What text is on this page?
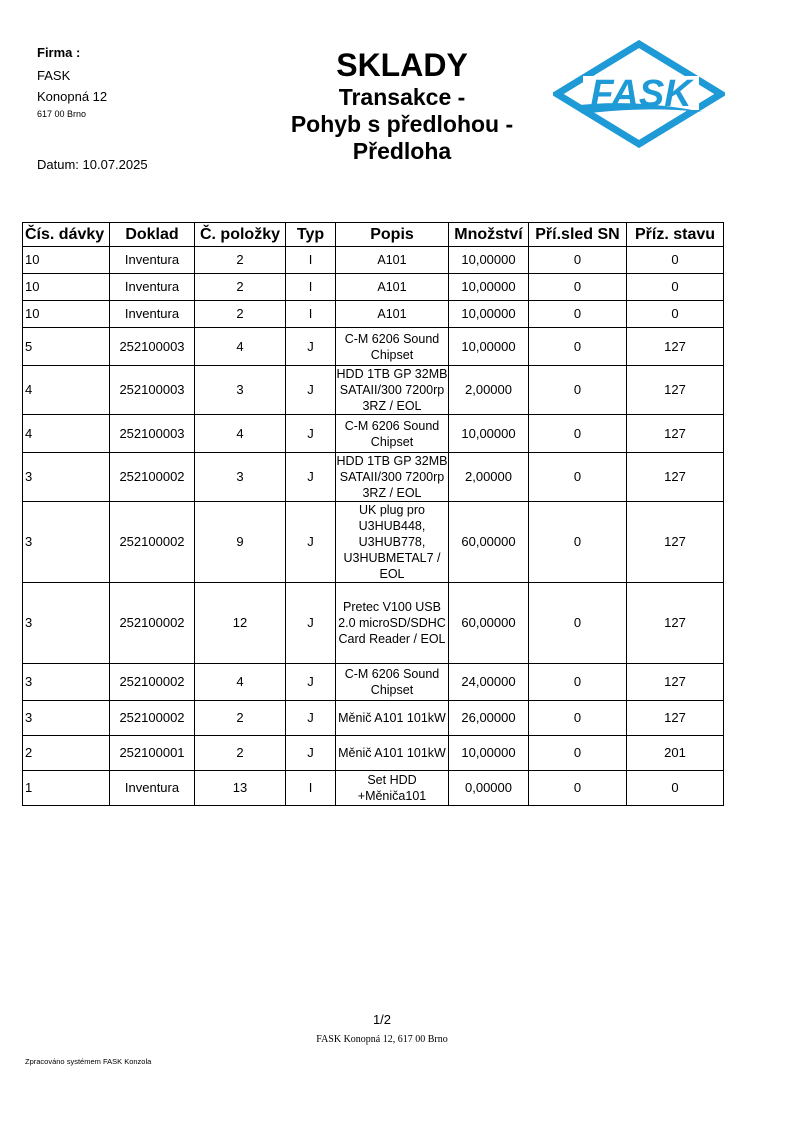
Firma :
FASK
Konopná 12
617 00 Brno
Datum: 10.07.2025
SKLADY
Transakce -
Pohyb s předlohou -
Předloha
FASK
Čís. dávky	Doklad	Č. položky	Typ	Popis	Množství	Pří.sled SN	Příz. stavu
10	Inventura	2	I	A101	10,00000	0	0
10	Inventura	2	I	A101	10,00000	0	0
10	Inventura	2	I	A101	10,00000	0	0
5	252100003	4	J	C-M 6206 Sound Chipset	10,00000	0	127
4	252100003	3	J	HDD 1TB GP 32MB SATAII/300 7200rp 3RZ / EOL	2,00000	0	127
4	252100003	4	J	C-M 6206 Sound Chipset	10,00000	0	127
3	252100002	3	J	HDD 1TB GP 32MB SATAII/300 7200rp 3RZ / EOL	2,00000	0	127
3	252100002	9	J	UK plug pro U3HUB448, U3HUB778, U3HUBMETAL7 / EOL	60,00000	0	127
3	252100002	12	J	Pretec V100 USB 2.0 microSD/SDHC Card Reader / EOL	60,00000	0	127
3	252100002	4	J	C-M 6206 Sound Chipset	24,00000	0	127
3	252100002	2	J	Měnič A101 101kW	26,00000	0	127
2	252100001	2	J	Měnič A101 101kW	10,00000	0	201
1	Inventura	13	I	Set HDD +Měniča101	0,00000	0	0
1/2
FASK Konopná 12, 617 00 Brno
Zpracováno systémem FASK Konzola
